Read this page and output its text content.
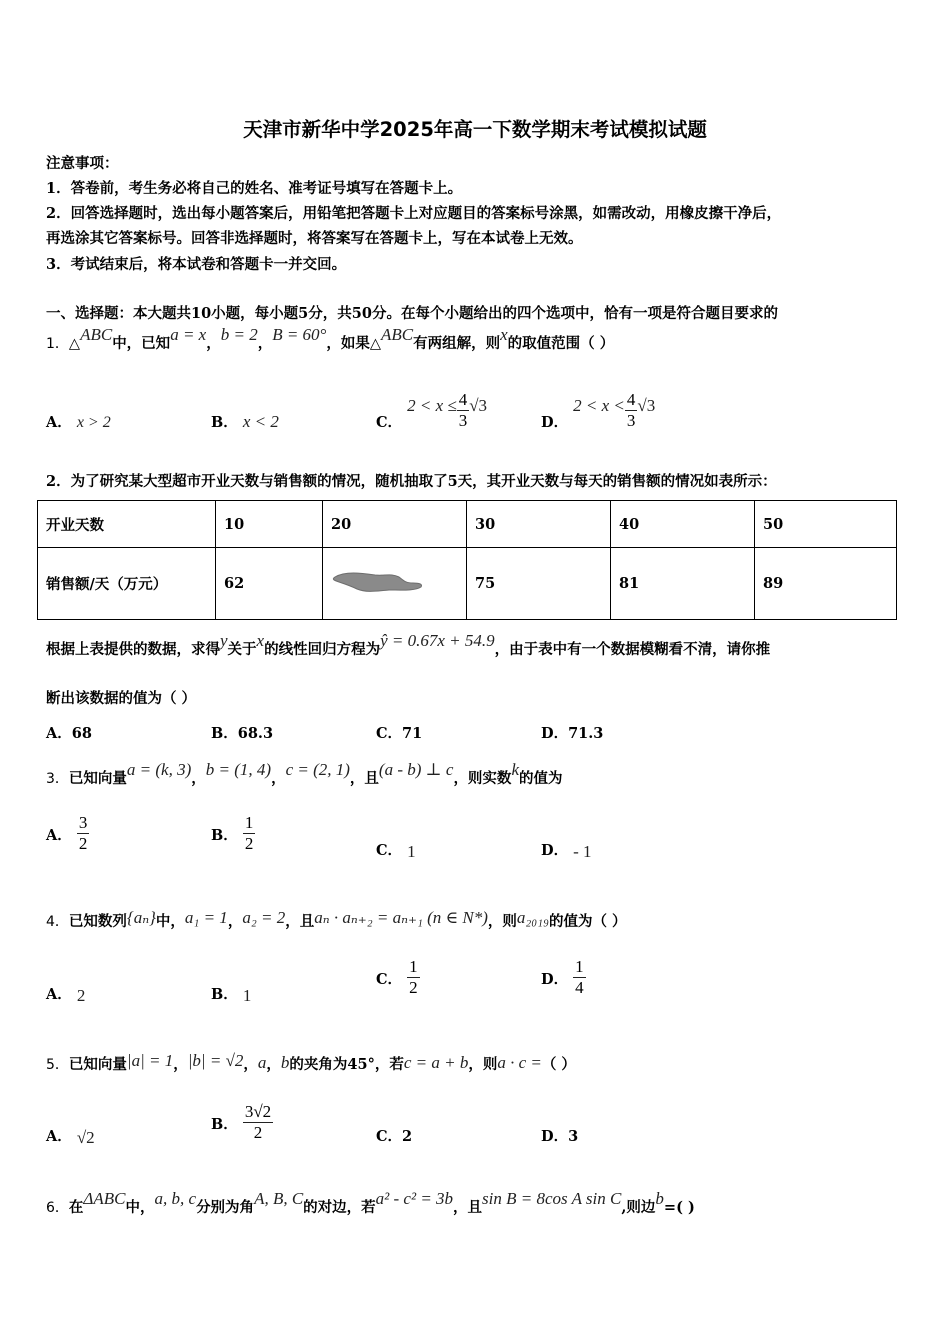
天津市新华中学2025年高一下数学期末考试模拟试题
注意事项：
1．答卷前，考生务必将自己的姓名、准考证号填写在答题卡上。
2．回答选择题时，选出每小题答案后，用铅笔把答题卡上对应题目的答案标号涂黑，如需改动，用橡皮擦干净后，
再选涂其它答案标号。回答非选择题时，将答案写在答题卡上，写在本试卷上无效。
3．考试结束后，将本试卷和答题卡一并交回。
一、选择题：本大题共10小题，每小题5分，共50分。在每个小题给出的四个选项中，恰有一项是符合题目要求的
1．△ABC中，已知a = x，b = 2，B = 60°，如果△ABC有两组解，则x的取值范围（ ）
A． x > 2	B． x < 2	C． $2 < x \le \frac{4}{3} √3$
D． $2 < x < \frac{4}{3} √3$
2．为了研究某大型超市开业天数与销售额的情况，随机抽取了5天，其开业天数与每天的销售额的情况如表所示：
开业天数	10	20	30	40	50
销售额/天（万元）	62		75	81	89
根据上表提供的数据，求得y关于x的线性回归方程为ŷ = 0.67x + 54.9，由于表中有一个数据模糊看不清，请你推
断出该数据的值为（ ）
A．68	B．68.3	C．71	D．71.3
3．已知向量a = (k, 3)，b = (1, 4)，c = (2, 1)，且(a - b) ⊥ c，则实数k的值为
A． $\frac{3}{2}$	B． $\frac{1}{2}$	C． 1	D． - 1
4．已知数列{aₙ}中，a₁ = 1，a₂ = 2，且aₙ · aₙ₊₂ = aₙ₊₁ (n ∈ N*)，则a₂₀₁₉的值为（ ）
A． 2	B． 1
C． $\frac{1}{2}$	D． $\frac{1}{4}$
5．已知向量|a| = 1，|b| = √2，a，b的夹角为45°，若c = a + b，则a · c =（ ）
A． √2
B． $\frac{3√2}{2}$	C．2	D．3
6．在ΔABC中，a, b, c分别为角A, B, C的对边，若a² - c² = 3b，且sin B = 8cos A sin C,则边b=( )
